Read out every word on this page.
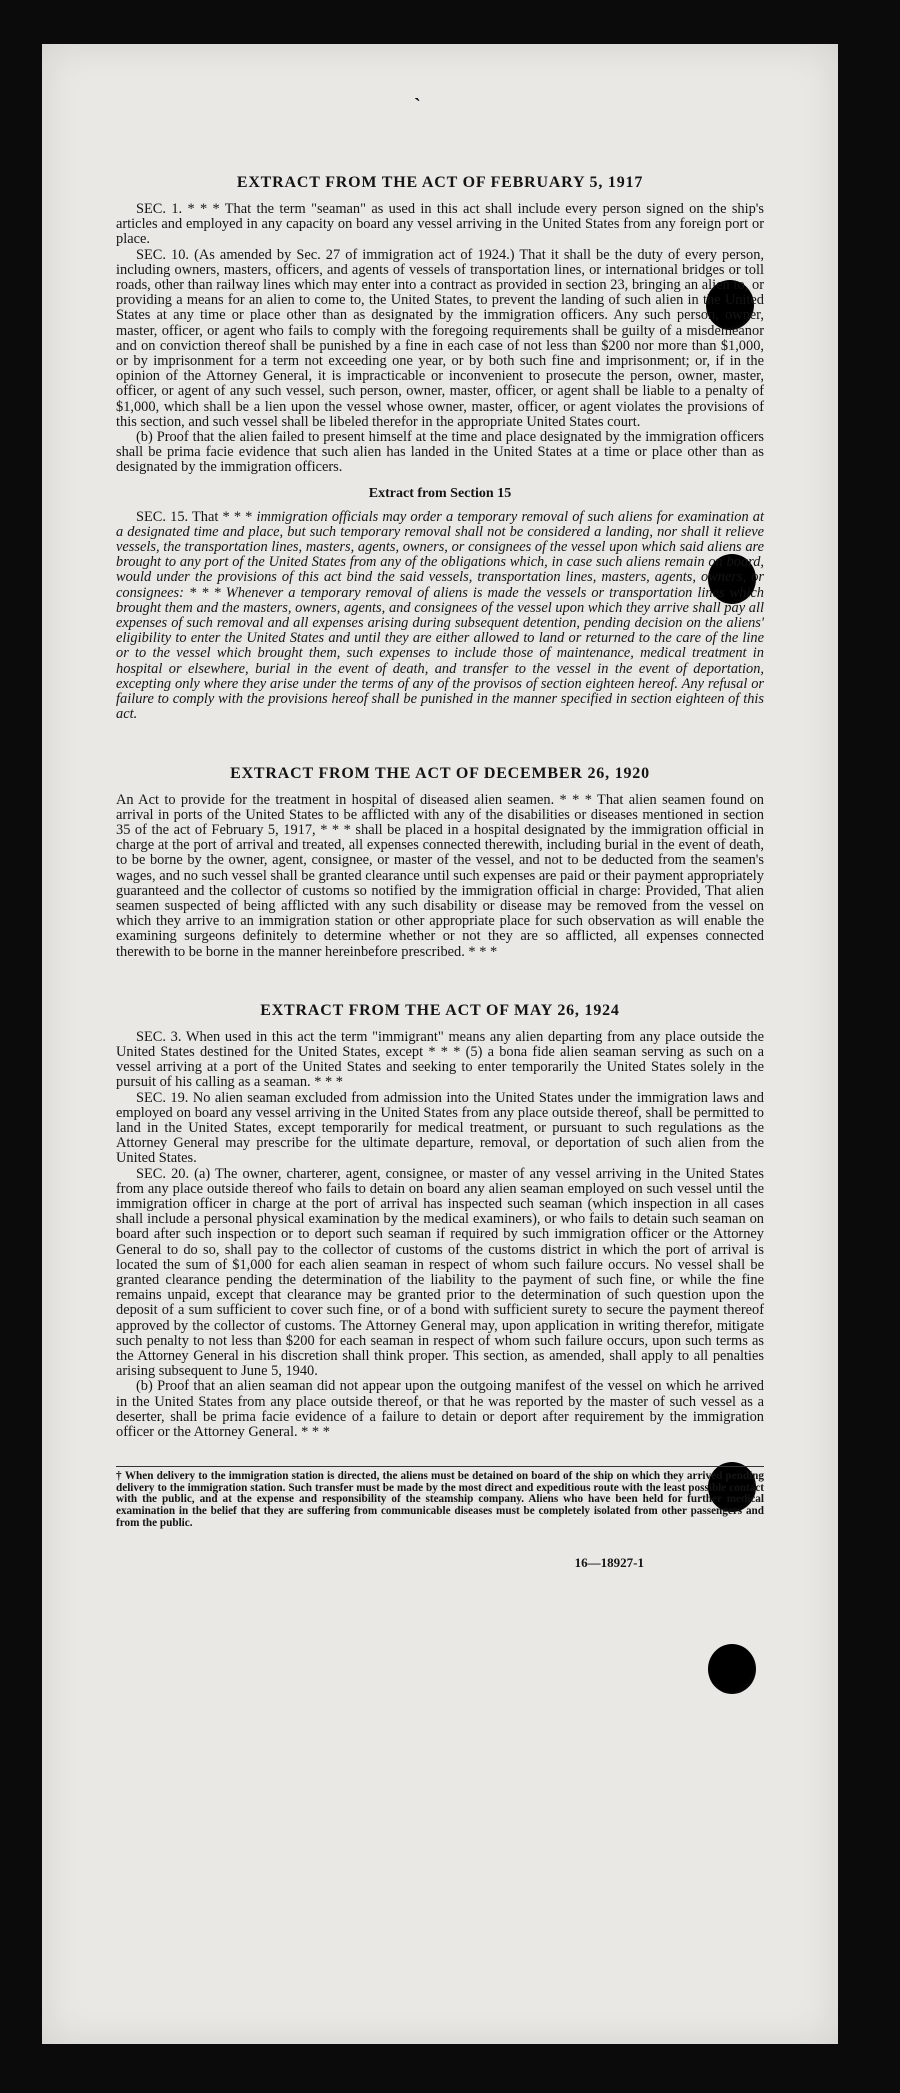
˴
EXTRACT FROM THE ACT OF FEBRUARY 5, 1917

SEC. 1. * * * That the term "seaman" as used in this act shall include every person signed on the ship's articles and employed in any capacity on board any vessel arriving in the United States from any foreign port or place.

SEC. 10. (As amended by Sec. 27 of immigration act of 1924.) That it shall be the duty of every person, including owners, masters, officers, and agents of vessels of transportation lines, or international bridges or toll roads, other than railway lines which may enter into a contract as provided in section 23, bringing an alien to, or providing a means for an alien to come to, the United States, to prevent the landing of such alien in the United States at any time or place other than as designated by the immigration officers. Any such person, owner, master, officer, or agent who fails to comply with the foregoing requirements shall be guilty of a misdemeanor and on conviction thereof shall be punished by a fine in each case of not less than $200 nor more than $1,000, or by imprisonment for a term not exceeding one year, or by both such fine and imprisonment; or, if in the opinion of the Attorney General, it is impracticable or inconvenient to prosecute the person, owner, master, officer, or agent of any such vessel, such person, owner, master, officer, or agent shall be liable to a penalty of $1,000, which shall be a lien upon the vessel whose owner, master, officer, or agent violates the provisions of this section, and such vessel shall be libeled therefor in the appropriate United States court.

(b) Proof that the alien failed to present himself at the time and place designated by the immigration officers shall be prima facie evidence that such alien has landed in the United States at a time or place other than as designated by the immigration officers.

Extract from Section 15

SEC. 15. That * * * immigration officials may order a temporary removal of such aliens for examination at a designated time and place, but such temporary removal shall not be considered a landing, nor shall it relieve vessels, the transportation lines, masters, agents, owners, or consignees of the vessel upon which said aliens are brought to any port of the United States from any of the obligations which, in case such aliens remain on board, would under the provisions of this act bind the said vessels, transportation lines, masters, agents, owners, or consignees: * * * Whenever a temporary removal of aliens is made the vessels or transportation lines which brought them and the masters, owners, agents, and consignees of the vessel upon which they arrive shall pay all expenses of such removal and all expenses arising during subsequent detention, pending decision on the aliens' eligibility to enter the United States and until they are either allowed to land or returned to the care of the line or to the vessel which brought them, such expenses to include those of maintenance, medical treatment in hospital or elsewhere, burial in the event of death, and transfer to the vessel in the event of deportation, excepting only where they arise under the terms of any of the provisos of section eighteen hereof. Any refusal or failure to comply with the provisions hereof shall be punished in the manner specified in section eighteen of this act.

EXTRACT FROM THE ACT OF DECEMBER 26, 1920

An Act to provide for the treatment in hospital of diseased alien seamen. * * * That alien seamen found on arrival in ports of the United States to be afflicted with any of the disabilities or diseases mentioned in section 35 of the act of February 5, 1917, * * * shall be placed in a hospital designated by the immigration official in charge at the port of arrival and treated, all expenses connected therewith, including burial in the event of death, to be borne by the owner, agent, consignee, or master of the vessel, and not to be deducted from the seamen's wages, and no such vessel shall be granted clearance until such expenses are paid or their payment appropriately guaranteed and the collector of customs so notified by the immigration official in charge: Provided, That alien seamen suspected of being afflicted with any such disability or disease may be removed from the vessel on which they arrive to an immigration station or other appropriate place for such observation as will enable the examining surgeons definitely to determine whether or not they are so afflicted, all expenses connected therewith to be borne in the manner hereinbefore prescribed. * * *

EXTRACT FROM THE ACT OF MAY 26, 1924

SEC. 3. When used in this act the term "immigrant" means any alien departing from any place outside the United States destined for the United States, except * * * (5) a bona fide alien seaman serving as such on a vessel arriving at a port of the United States and seeking to enter temporarily the United States solely in the pursuit of his calling as a seaman. * * *

SEC. 19. No alien seaman excluded from admission into the United States under the immigration laws and employed on board any vessel arriving in the United States from any place outside thereof, shall be permitted to land in the United States, except temporarily for medical treatment, or pursuant to such regulations as the Attorney General may prescribe for the ultimate departure, removal, or deportation of such alien from the United States.

SEC. 20. (a) The owner, charterer, agent, consignee, or master of any vessel arriving in the United States from any place outside thereof who fails to detain on board any alien seaman employed on such vessel until the immigration officer in charge at the port of arrival has inspected such seaman (which inspection in all cases shall include a personal physical examination by the medical examiners), or who fails to detain such seaman on board after such inspection or to deport such seaman if required by such immigration officer or the Attorney General to do so, shall pay to the collector of customs of the customs district in which the port of arrival is located the sum of $1,000 for each alien seaman in respect of whom such failure occurs. No vessel shall be granted clearance pending the determination of the liability to the payment of such fine, or while the fine remains unpaid, except that clearance may be granted prior to the determination of such question upon the deposit of a sum sufficient to cover such fine, or of a bond with sufficient surety to secure the payment thereof approved by the collector of customs. The Attorney General may, upon application in writing therefor, mitigate such penalty to not less than $200 for each seaman in respect of whom such failure occurs, upon such terms as the Attorney General in his discretion shall think proper. This section, as amended, shall apply to all penalties arising subsequent to June 5, 1940.

(b) Proof that an alien seaman did not appear upon the outgoing manifest of the vessel on which he arrived in the United States from any place outside thereof, or that he was reported by the master of such vessel as a deserter, shall be prima facie evidence of a failure to detain or deport after requirement by the immigration officer or the Attorney General. * * *

† When delivery to the immigration station is directed, the aliens must be detained on board of the ship on which they arrived pending delivery to the immigration station. Such transfer must be made by the most direct and expeditious route with the least possible contact with the public, and at the expense and responsibility of the steamship company. Aliens who have been held for further medical examination in the belief that they are suffering from communicable diseases must be completely isolated from other passengers and from the public.
16—18927-1
